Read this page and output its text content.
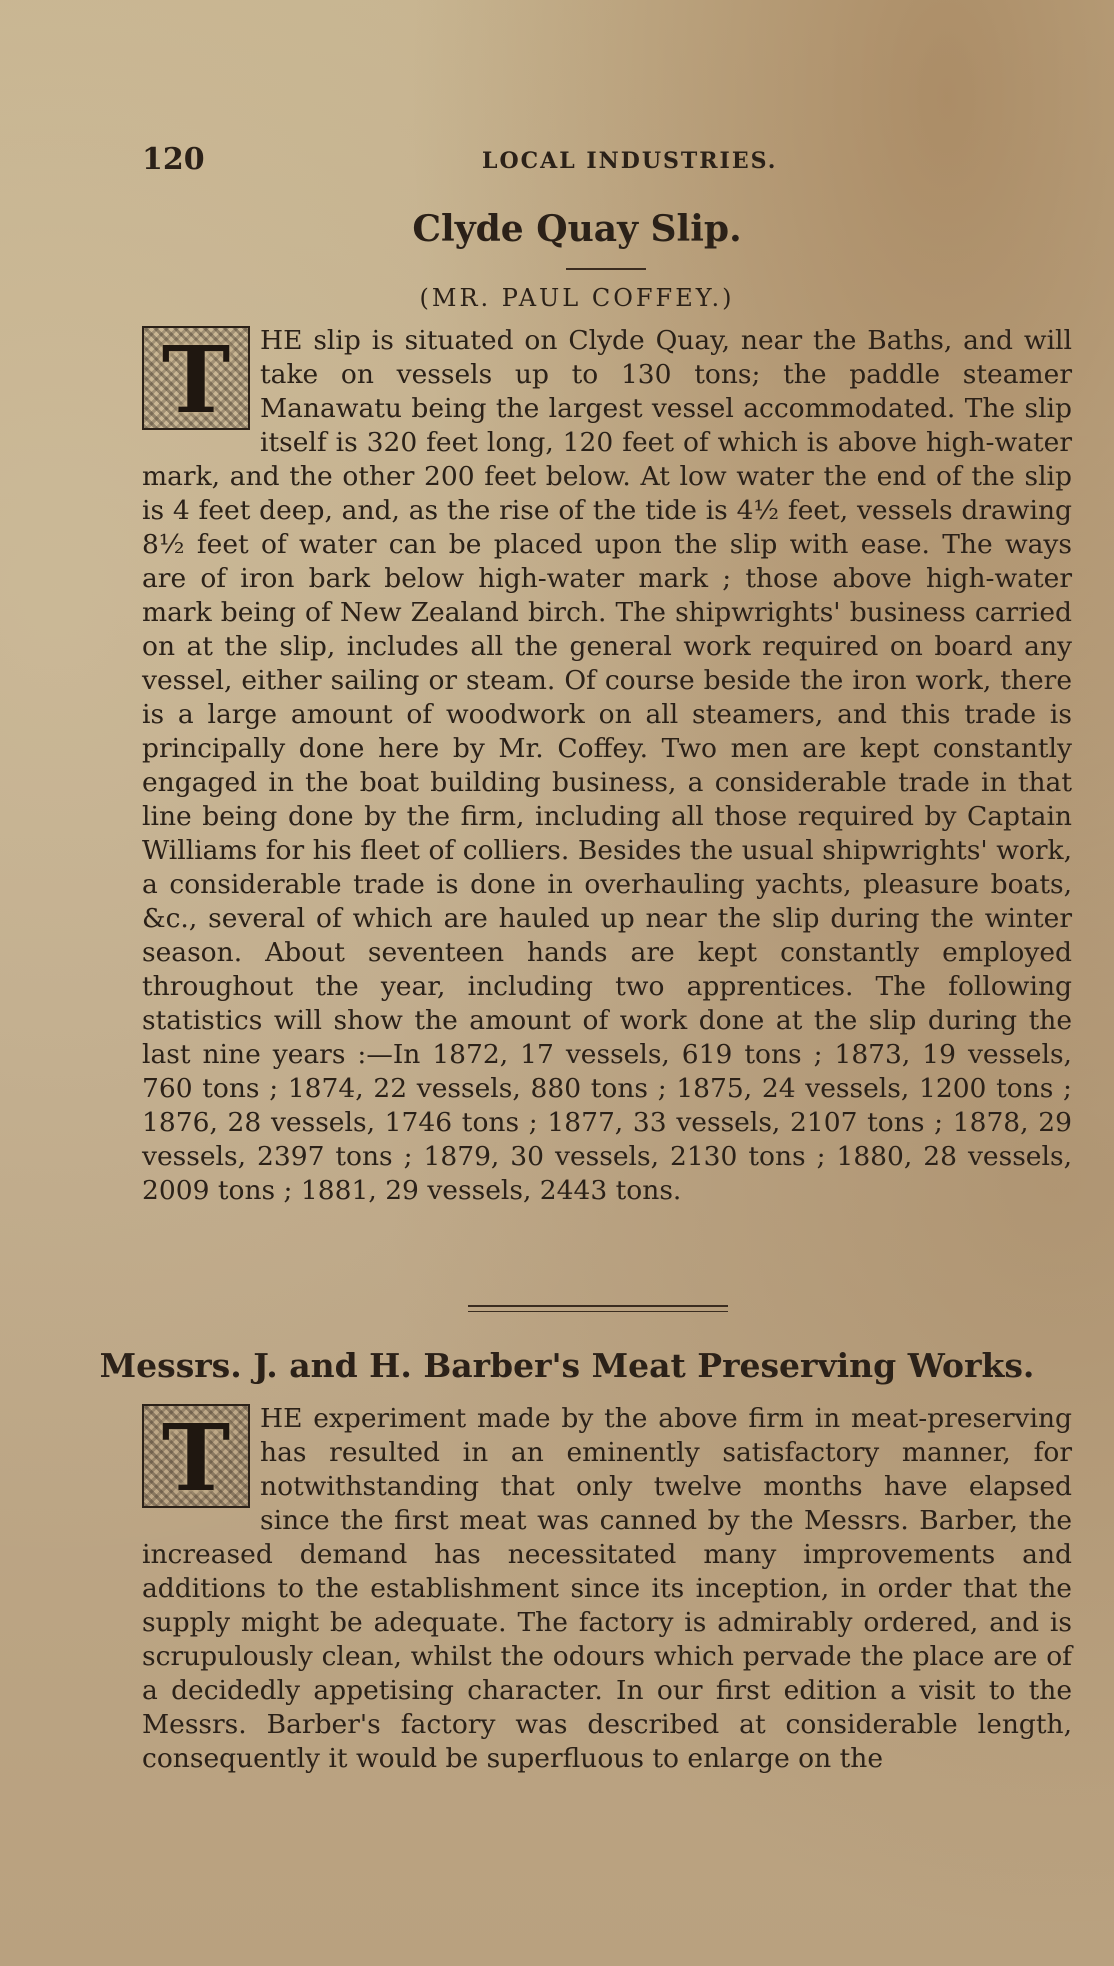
120	LOCAL INDUSTRIES.
Clyde Quay Slip.
(MR. PAUL COFFEY.)
T	HE slip is situated on Clyde Quay, near the Baths, and will take on vessels up to 130 tons; the paddle steamer Manawatu being the largest vessel accommodated. The slip itself is 320 feet long, 120 feet of which is above high-water mark, and the other 200 feet below. At low water the end of the slip is 4 feet deep, and, as the rise of the tide is 4½ feet, vessels drawing 8½ feet of water can be placed upon the slip with ease. The ways are of iron bark below high-water mark ; those above high-water mark being of New Zealand birch. The shipwrights' business carried on at the slip, includes all the general work required on board any vessel, either sailing or steam. Of course beside the iron work, there is a large amount of woodwork on all steamers, and this trade is principally done here by Mr. Coffey. Two men are kept constantly engaged in the boat building business, a considerable trade in that line being done by the firm, including all those required by Captain Williams for his fleet of colliers. Besides the usual shipwrights' work, a considerable trade is done in overhauling yachts, pleasure boats, &c., several of which are hauled up near the slip during the winter season. About seventeen hands are kept constantly employed throughout the year, including two apprentices. The following statistics will show the amount of work done at the slip during the last nine years :—In 1872, 17 vessels, 619 tons ; 1873, 19 vessels, 760 tons ; 1874, 22 vessels, 880 tons ; 1875, 24 vessels, 1200 tons ; 1876, 28 vessels, 1746 tons ; 1877, 33 vessels, 2107 tons ; 1878, 29 vessels, 2397 tons ; 1879, 30 vessels, 2130 tons ; 1880, 28 vessels, 2009 tons ; 1881, 29 vessels, 2443 tons.
Messrs. J. and H. Barber's Meat Preserving Works.
T	HE experiment made by the above firm in meat-preserving has resulted in an eminently satisfactory manner, for notwithstanding that only twelve months have elapsed since the first meat was canned by the Messrs. Barber, the increased demand has necessitated many improvements and additions to the establishment since its inception, in order that the supply might be adequate. The factory is admirably ordered, and is scrupulously clean, whilst the odours which pervade the place are of a decidedly appetising character. In our first edition a visit to the Messrs. Barber's factory was described at considerable length, consequently it would be superfluous to enlarge on the
